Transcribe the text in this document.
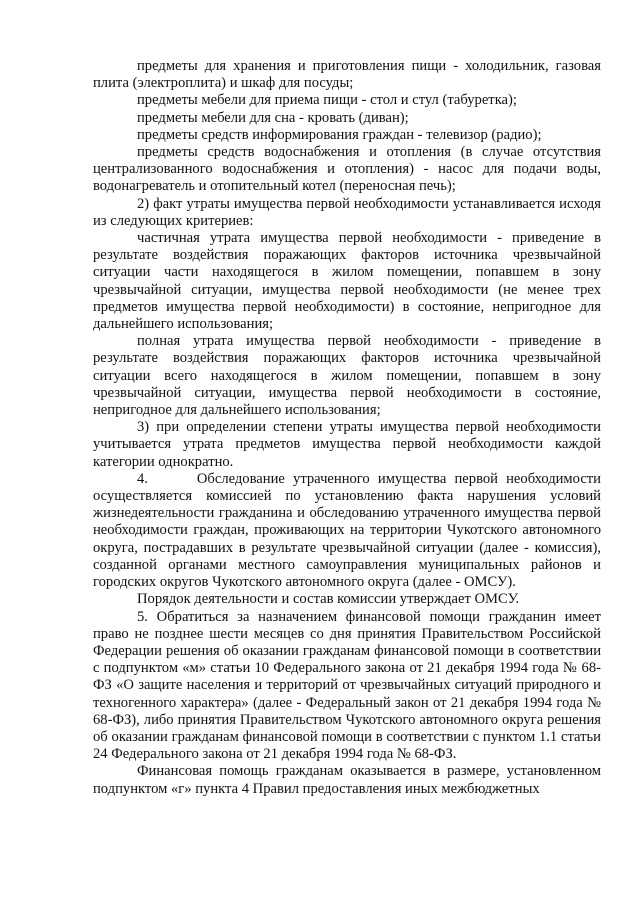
предметы для хранения и приготовления пищи - холодильник, газовая плита (электроплита) и шкаф для посуды;

предметы мебели для приема пищи - стол и стул (табуретка);

предметы мебели для сна - кровать (диван);

предметы средств информирования граждан - телевизор (радио);

предметы средств водоснабжения и отопления (в случае отсутствия централизованного водоснабжения и отопления) - насос для подачи воды, водонагреватель и отопительный котел (переносная печь);

2) факт утраты имущества первой необходимости устанавливается исходя из следующих критериев:

частичная утрата имущества первой необходимости - приведение в результате воздействия поражающих факторов источника чрезвычайной ситуации части находящегося в жилом помещении, попавшем в зону чрезвычайной ситуации, имущества первой необходимости (не менее трех предметов имущества первой необходимости) в состояние, непригодное для дальнейшего использования;

полная утрата имущества первой необходимости - приведение в результате воздействия поражающих факторов источника чрезвычайной ситуации всего находящегося в жилом помещении, попавшем в зону чрезвычайной ситуации, имущества первой необходимости в состояние, непригодное для дальнейшего использования;

3) при определении степени утраты имущества первой необходимости учитывается утрата предметов имущества первой необходимости каждой категории однократно.

4.      Обследование утраченного имущества первой необходимости осуществляется комиссией по установлению факта нарушения условий жизнедеятельности гражданина и обследованию утраченного имущества первой необходимости граждан, проживающих на территории Чукотского автономного округа, пострадавших в результате чрезвычайной ситуации (далее - комиссия), созданной органами местного самоуправления муниципальных районов и городских округов Чукотского автономного округа (далее - ОМСУ).

Порядок деятельности и состав комиссии утверждает ОМСУ.

5. Обратиться за назначением финансовой помощи гражданин имеет право не позднее шести месяцев со дня принятия Правительством Российской Федерации решения об оказании гражданам финансовой помощи в соответствии с подпунктом «м» статьи 10 Федерального закона от 21 декабря 1994 года № 68-ФЗ «О защите населения и территорий от чрезвычайных ситуаций природного и техногенного характера» (далее - Федеральный закон от 21 декабря 1994 года № 68-ФЗ), либо принятия Правительством Чукотского автономного округа решения об оказании гражданам финансовой помощи в соответствии с пунктом 1.1 статьи 24 Федерального закона от 21 декабря 1994 года № 68-ФЗ.

Финансовая помощь гражданам оказывается в размере, установленном подпунктом «г» пункта 4 Правил предоставления иных межбюджетных
